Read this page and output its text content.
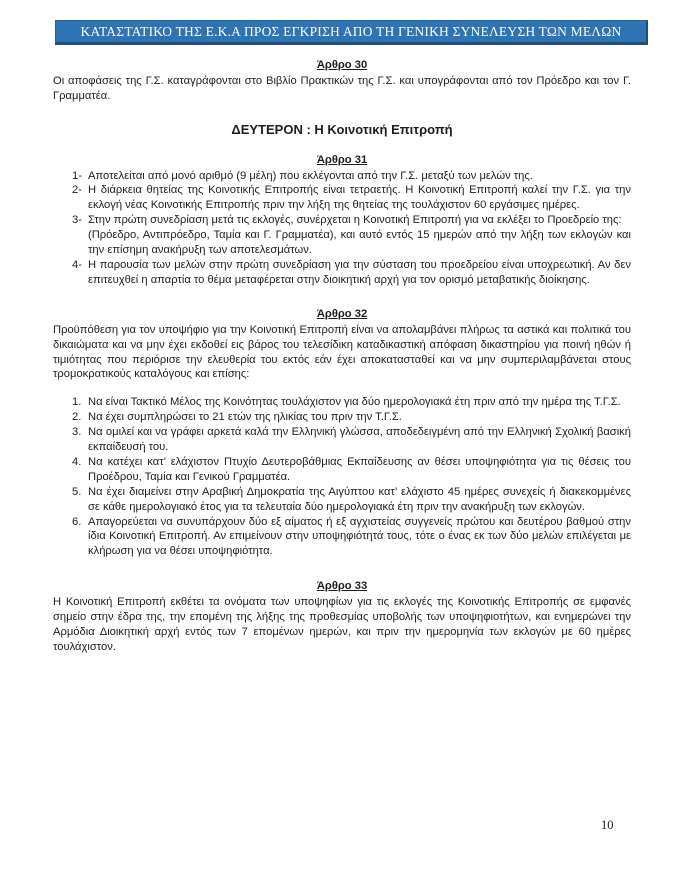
ΚΑΤΑΣΤΑΤΙΚΟ ΤΗΣ Ε.Κ.Α ΠΡΟΣ ΕΓΚΡΙΣΗ ΑΠΟ ΤΗ ΓΕΝΙΚΗ ΣΥΝΕΛΕΥΣΗ ΤΩΝ ΜΕΛΩΝ
Άρθρο 30

Οι αποφάσεις της Γ.Σ. καταγράφονται στο Βιβλίο Πρακτικών της Γ.Σ. και υπογράφονται από τον Πρόεδρο και τον Γ. Γραμματέα.

ΔΕΥΤΕΡΟΝ : Η Κοινοτική Επιτροπή
Άρθρο 31
1- Αποτελείται από μονό αριθμό (9 μέλη) που εκλέγονται από την Γ.Σ. μεταξύ των μελών της.
2- Η διάρκεια θητείας της Κοινοτικής Επιτροπής είναι τετραετής. Η Κοινοτική Επιτροπή καλεί την Γ.Σ. για την εκλογή νέας Κοινοτικής Επιτροπής πριν την λήξη της θητείας της τουλάχιστον 60 εργάσιμες ημέρες.
3- Στην πρώτη συνεδρίαση μετά τις εκλογές, συνέρχεται η Κοινοτική Επιτροπή για να εκλέξει το Προεδρείο της:
(Πρόεδρο, Αντιπρόεδρο, Ταμία και Γ. Γραμματέα), και αυτό εντός 15 ημερών από την λήξη των εκλογών και την επίσημη ανακήρυξη των αποτελεσμάτων.
4- Η παρουσία των μελών στην πρώτη συνεδρίαση για την σύσταση του προεδρείου είναι υποχρεωτική. Αν δεν επιτευχθεί η απαρτία το θέμα μεταφέρεται στην διοικητική αρχή για τον ορισμό μεταβατικής διοίκησης.
Άρθρο 32

Προϋπόθεση για τον υποψήφιο για την Κοινοτική Επιτροπή είναι να απολαμβάνει πλήρως τα αστικά και πολιτικά του δικαιώματα και να μην έχει εκδοθεί εις βάρος του τελεσίδικη καταδικαστική απόφαση δικαστηρίου για ποινή ηθών ή τιμιότητας που περιόρισε την ελευθερία του εκτός εάν έχει αποκατασταθεί και να μην συμπεριλαμβάνεται στους τρομοκρατικούς καταλόγους και επίσης:

1. Να είναι Τακτικό Μέλος της Κοινότητας τουλάχιστον για δύο ημερολογιακά έτη πριν από την ημέρα της Τ.Γ.Σ.
2. Να έχει συμπληρώσει το 21 ετών της ηλικίας του πριν την Τ.Γ.Σ.
3. Να ομιλεί και να γράφει αρκετά καλά την Ελληνική γλώσσα, αποδεδειγμένη από την Ελληνική Σχολική βασική εκπαίδευσή του.
4. Να κατέχει κατ’ ελάχιστον Πτυχίο Δευτεροβάθμιας Εκπαίδευσης αν θέσει υποψηφιότητα για τις θέσεις του Προέδρου, Ταμία και Γενικού Γραμματέα.
5. Να έχει διαμείνει στην Αραβική Δημοκρατία της Αιγύπτου κατ’ ελάχιστο 45 ημέρες συνεχείς ή διακεκομμένες σε κάθε ημερολογιακό έτος για τα τελευταία δύο ημερολογιακά έτη πριν την ανακήρυξη των εκλογών.
6. Απαγορεύεται να συνυπάρχουν δύο εξ αίματος ή εξ αγχιστείας συγγενείς πρώτου και δευτέρου βαθμού στην ίδια Κοινοτική Επιτροπή. Αν επιμείνουν στην υποψηφιότητά τους, τότε ο ένας εκ των δύο μελών επιλέγεται με κλήρωση για να θέσει υποψηφιότητα.
Άρθρο 33

Η Κοινοτική Επιτροπή εκθέτει τα ονόματα των υποψηφίων για τις εκλογές της Κοινοτικής Επιτροπής σε εμφανές σημείο στην έδρα της, την επομένη της λήξης της προθεσμίας υποβολής των υποψηφιοτήτων, και ενημερώνει την Αρμόδια Διοικητική αρχή εντός των 7 επομένων ημερών, και πριν την ημερομηνία των εκλογών με 60 ημέρες τουλάχιστον.

10
